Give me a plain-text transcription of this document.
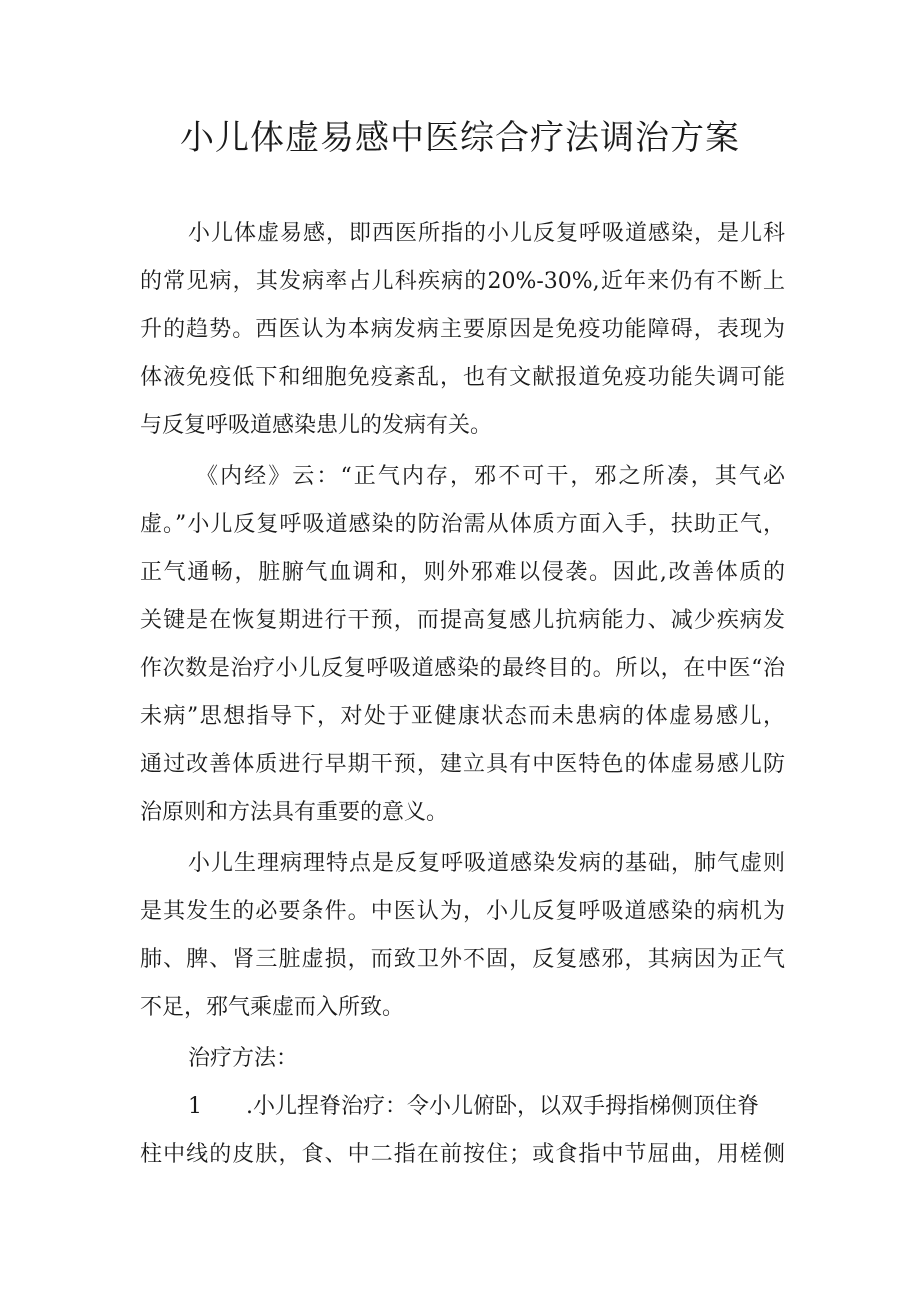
小儿体虚易感中医综合疗法调治方案

小儿体虚易感，即西医所指的小儿反复呼吸道感染，是儿科

的常见病，其发病率占儿科疾病的20%-30%,近年来仍有不断上

升的趋势。西医认为本病发病主要原因是免疫功能障碍，表现为

体液免疫低下和细胞免疫紊乱，也有文献报道免疫功能失调可能

与反复呼吸道感染患儿的发病有关。

《内经》云：“正气内存，邪不可干，邪之所凑，其气必

虚。”小儿反复呼吸道感染的防治需从体质方面入手，扶助正气，

正气通畅，脏腑气血调和，则外邪难以侵袭。因此,改善体质的

关键是在恢复期进行干预，而提高复感儿抗病能力、减少疾病发

作次数是治疗小儿反复呼吸道感染的最终目的。所以，在中医“治

未病”思想指导下，对处于亚健康状态而未患病的体虚易感儿，

通过改善体质进行早期干预，建立具有中医特色的体虚易感儿防

治原则和方法具有重要的意义。

小儿生理病理特点是反复呼吸道感染发病的基础，肺气虚则

是其发生的必要条件。中医认为，小儿反复呼吸道感染的病机为

肺、脾、肾三脏虚损，而致卫外不固，反复感邪，其病因为正气

不足，邪气乘虚而入所致。

治疗方法：

1 .小儿捏脊治疗：令小儿俯卧，以双手拇指梯侧顶住脊

柱中线的皮肤，食、中二指在前按住；或食指中节屈曲，用槎侧
